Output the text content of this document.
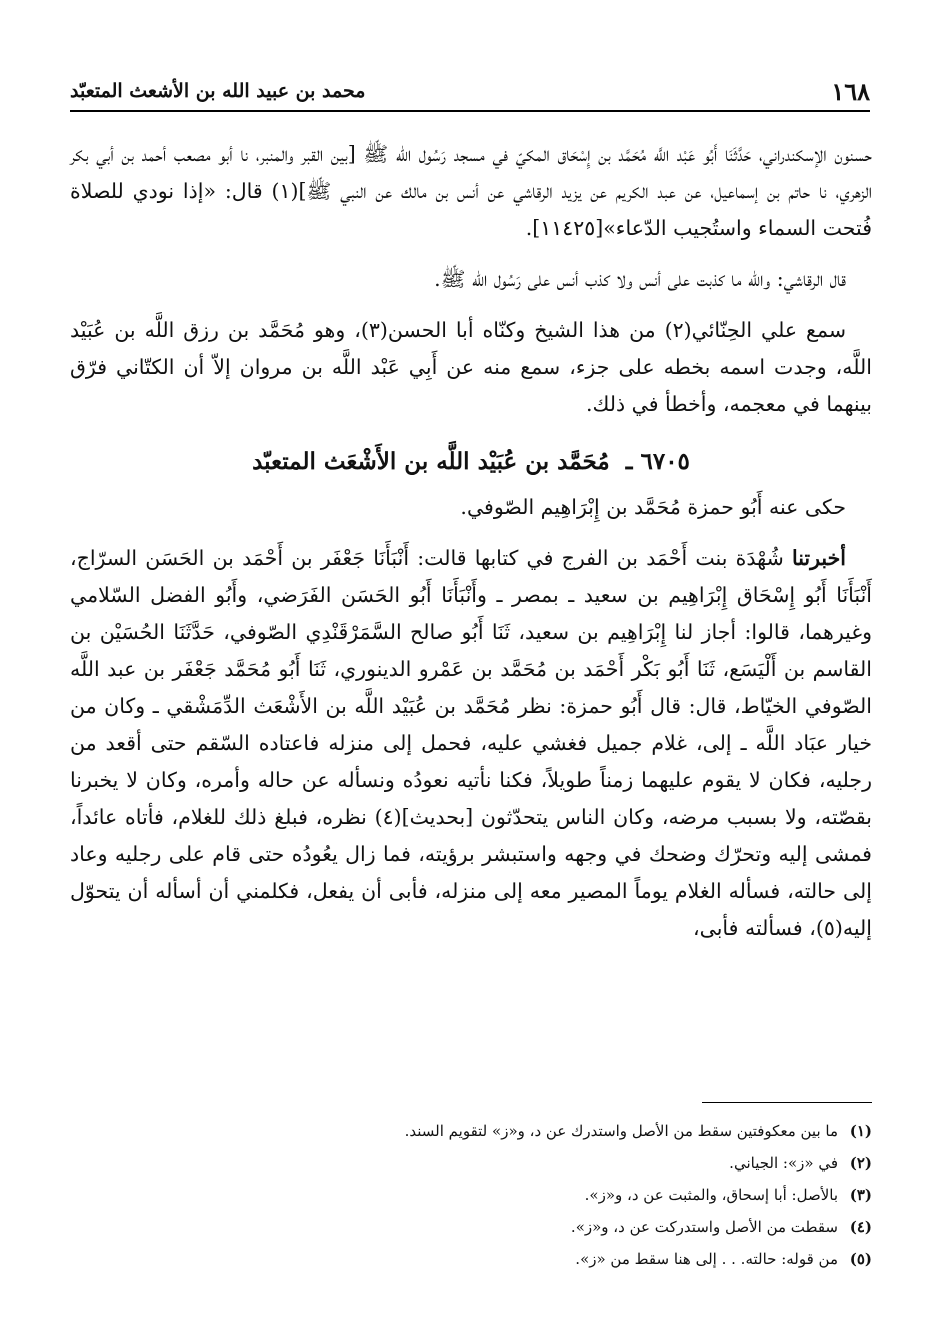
١٦٨
محمد بن عبيد الله بن الأشعث المتعبّد

حسنون الإسكندراني، حَدَّثَنَا أَبُو عَبْد اللَّه مُحَمَّد بن إِسْحَاق المكيّ في مسجد رَسُول الله ﷺ [بين القبر والمنبر، نا أبو مصعب أحمد بن أبي بكر الزهري، نا حاتم بن إسماعيل، عن عبد الكريم عن يزيد الرقاشي عن أنس بن مالك عن النبي ﷺ](١) قال: «إذا نودي للصلاة فُتحت السماء واستُجيب الدّعاء»[١١٤٢٥].

قال الرقاشي: والله ما كذبت على أنس ولا كذب أنس على رَسُول الله ﷺ.

سمع علي الحِنّائي(٢) من هذا الشيخ وكنّاه أبا الحسن(٣)، وهو مُحَمَّد بن رزق اللَّه بن عُبَيْد اللَّه، وجدت اسمه بخطه على جزء، سمع منه عن أَبِي عَبْد اللَّه بن مروان إلاّ أن الكتّاني فرّق بينهما في معجمه، وأخطأ في ذلك.

٦٧٠٥ ـ مُحَمَّد بن عُبَيْد اللَّه بن الأَشْعَث المتعبّد

حكى عنه أَبُو حمزة مُحَمَّد بن إِبْرَاهِيم الصّوفي.

أخبرتنا شُهْدَة بنت أَحْمَد بن الفرج في كتابها قالت: أَنْبَأَنَا جَعْفَر بن أَحْمَد بن الحَسَن السرّاج، أَنْبَأَنَا أَبُو إِسْحَاق إِبْرَاهِيم بن سعيد ـ بمصر ـ وأَنْبَأَنَا أَبُو الحَسَن الفَرَضي، وأَبُو الفضل السّلامي وغيرهما، قالوا: أجاز لنا إِبْرَاهِيم بن سعيد، ثَنَا أَبُو صالح السَّمَرْقَنْدِي الصّوفي، حَدَّثَنَا الحُسَيْن بن القاسم بن أَلْيَسَع، ثَنَا أَبُو بَكْر أَحْمَد بن مُحَمَّد بن عَمْرو الدينوري، ثَنَا أَبُو مُحَمَّد جَعْفَر بن عبد اللَّه الصّوفي الخيّاط، قال: قال أَبُو حمزة: نظر مُحَمَّد بن عُبَيْد اللَّه بن الأَشْعَث الدِّمَشْقي ـ وكان من خيار عبَاد اللَّه ـ إلى، غلام جميل فغشي عليه، فحمل إلى منزله فاعتاده السّقم حتى أقعد من رجليه، فكان لا يقوم عليهما زمناً طويلاً، فكنا نأتيه نعودُه ونسأله عن حاله وأمره، وكان لا يخبرنا بقصّته، ولا بسبب مرضه، وكان الناس يتحدّثون [بحديث](٤) نظره، فبلغ ذلك للغلام، فأتاه عائداً، فمشى إليه وتحرّك وضحك في وجهه واستبشر برؤيته، فما زال يعُودُه حتى قام على رجليه وعاد إلى حالته، فسأله الغلام يوماً المصير معه إلى منزله، فأبى أن يفعل، فكلمني أن أسأله أن يتحوّل إليه(٥)، فسألته فأبى،

(١)
ما بين معكوفتين سقط من الأصل واستدرك عن د، و«ز» لتقويم السند.
(٢)
في «ز»: الجياني.
(٣)
بالأصل: أبا إسحاق، والمثبت عن د، و«ز».
(٤)
سقطت من الأصل واستدركت عن د، و«ز».
(٥)
من قوله: حالته. . . إلى هنا سقط من «ز».
